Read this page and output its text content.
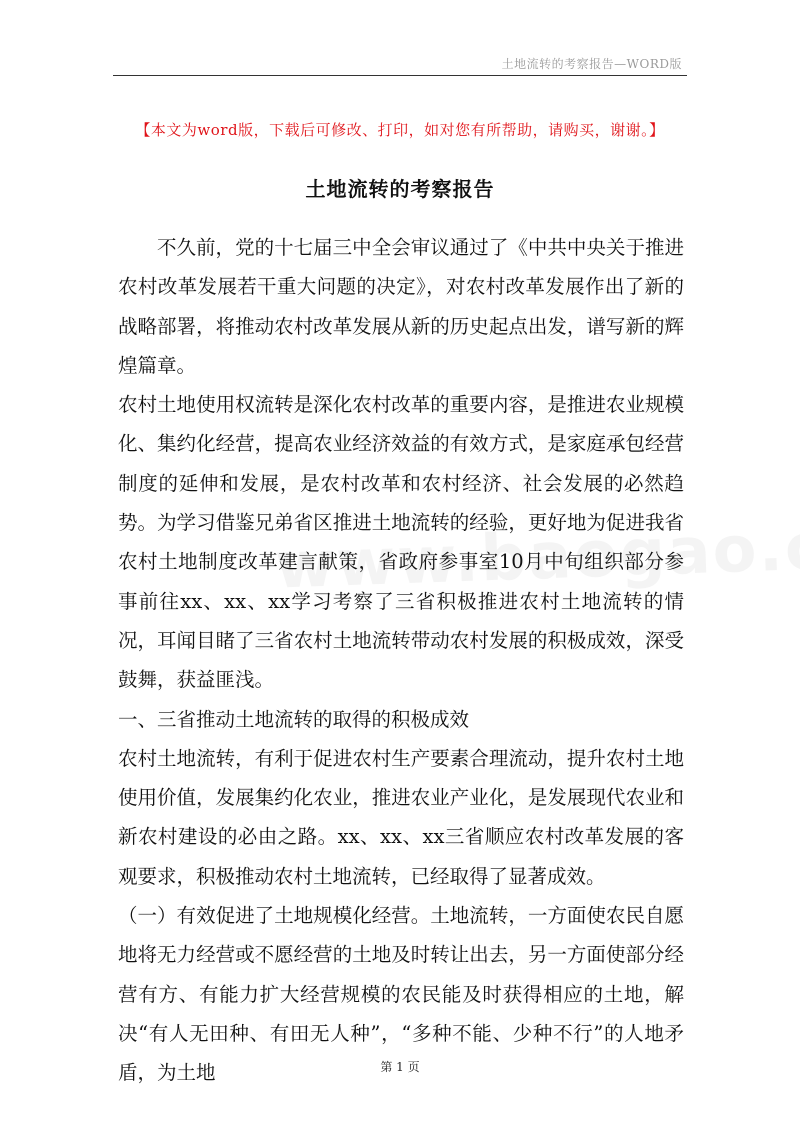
土地流转的考察报告—WORD版
【本文为word版，下载后可修改、打印，如对您有所帮助，请购买，谢谢。】
土地流转的考察报告

不久前，党的十七届三中全会审议通过了《中共中央关于推进农村改革发展若干重大问题的决定》，对农村改革发展作出了新的战略部署，将推动农村改革发展从新的历史起点出发，谱写新的辉煌篇章。

农村土地使用权流转是深化农村改革的重要内容，是推进农业规模化、集约化经营，提高农业经济效益的有效方式，是家庭承包经营制度的延伸和发展，是农村改革和农村经济、社会发展的必然趋势。为学习借鉴兄弟省区推进土地流转的经验，更好地为促进我省农村土地制度改革建言献策，省政府参事室10月中旬组织部分参事前往xx、xx、xx学习考察了三省积极推进农村土地流转的情况，耳闻目睹了三省农村土地流转带动农村发展的积极成效，深受鼓舞，获益匪浅。

一、三省推动土地流转的取得的积极成效

农村土地流转，有利于促进农村生产要素合理流动，提升农村土地使用价值，发展集约化农业，推进农业产业化，是发展现代农业和新农村建设的必由之路。xx、xx、xx三省顺应农村改革发展的客观要求，积极推动农村土地流转，已经取得了显著成效。

（一）有效促进了土地规模化经营。土地流转，一方面使农民自愿地将无力经营或不愿经营的土地及时转让出去，另一方面使部分经营有方、有能力扩大经营规模的农民能及时获得相应的土地，解决“有人无田种、有田无人种”，“多种不能、少种不行”的人地矛盾，为土地	第 1 页
